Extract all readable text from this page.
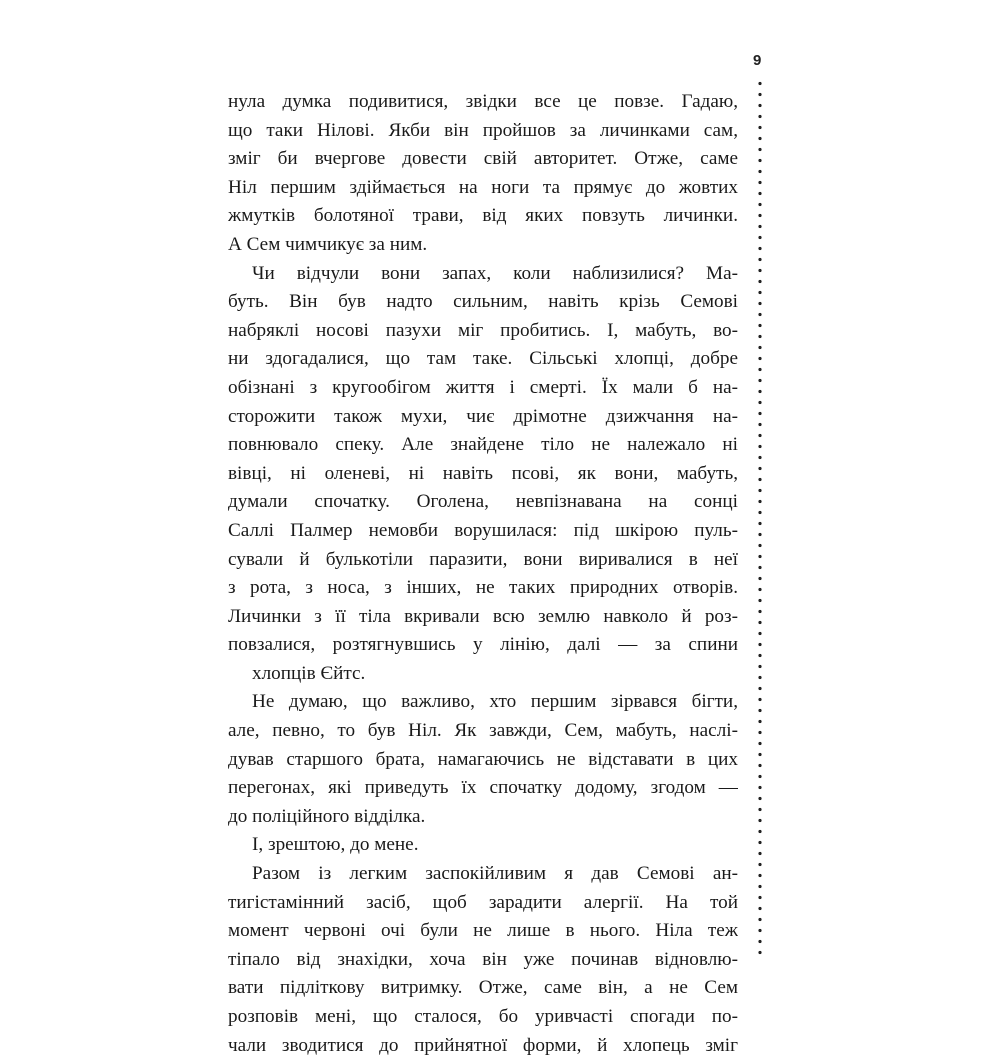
9

нула думка подивитися, звідки все це повзе. Гадаю,
що таки Нілові. Якби він пройшов за личинками сам,
зміг би вчергове довести свій авторитет. Отже, саме
Ніл першим здіймається на ноги та прямує до жовтих
жмутків болотяної трави, від яких повзуть личинки.
А Сем чимчикує за ним.

Чи відчули вони запах, коли наблизилися? Ма-
буть. Він був надто сильним, навіть крізь Семові
набряклі носові пазухи міг пробитись. І, мабуть, во-
ни здогадалися, що там таке. Сільські хлопці, добре
обізнані з кругообігом життя і смерті. Їх мали б на-
сторожити також мухи, чиє дрімотне дзижчання на-
повнювало спеку. Але знайдене тіло не належало ні
вівці, ні оленеві, ні навіть псові, як вони, мабуть,
думали спочатку. Оголена, невпізнавана на сонці
Саллі Палмер немовби ворушилася: під шкірою пуль-
сували й булькотіли паразити, вони виривалися в неї
з рота, з носа, з інших, не таких природних отворів.
Личинки з її тіла вкривали всю землю навколо й роз-
повзалися, розтягнувшись у лінію, далі — за спини
хлопців Єйтс.

Не думаю, що важливо, хто першим зірвався бігти,
але, певно, то був Ніл. Як завжди, Сем, мабуть, наслі-
дував старшого брата, намагаючись не відставати в цих
перегонах, які приведуть їх спочатку додому, згодом —
до поліційного відділка.

І, зрештою, до мене.

Разом із легким заспокійливим я дав Семові ан-
тигістамінний засіб, щоб зарадити алергії. На той
момент червоні очі були не лише в нього. Ніла теж
тіпало від знахідки, хоча він уже починав відновлю-
вати підліткову витримку. Отже, саме він, а не Сем
розповів мені, що сталося, бо уривчасті спогади по-
чали зводитися до прийнятної форми, й хлопець зміг
